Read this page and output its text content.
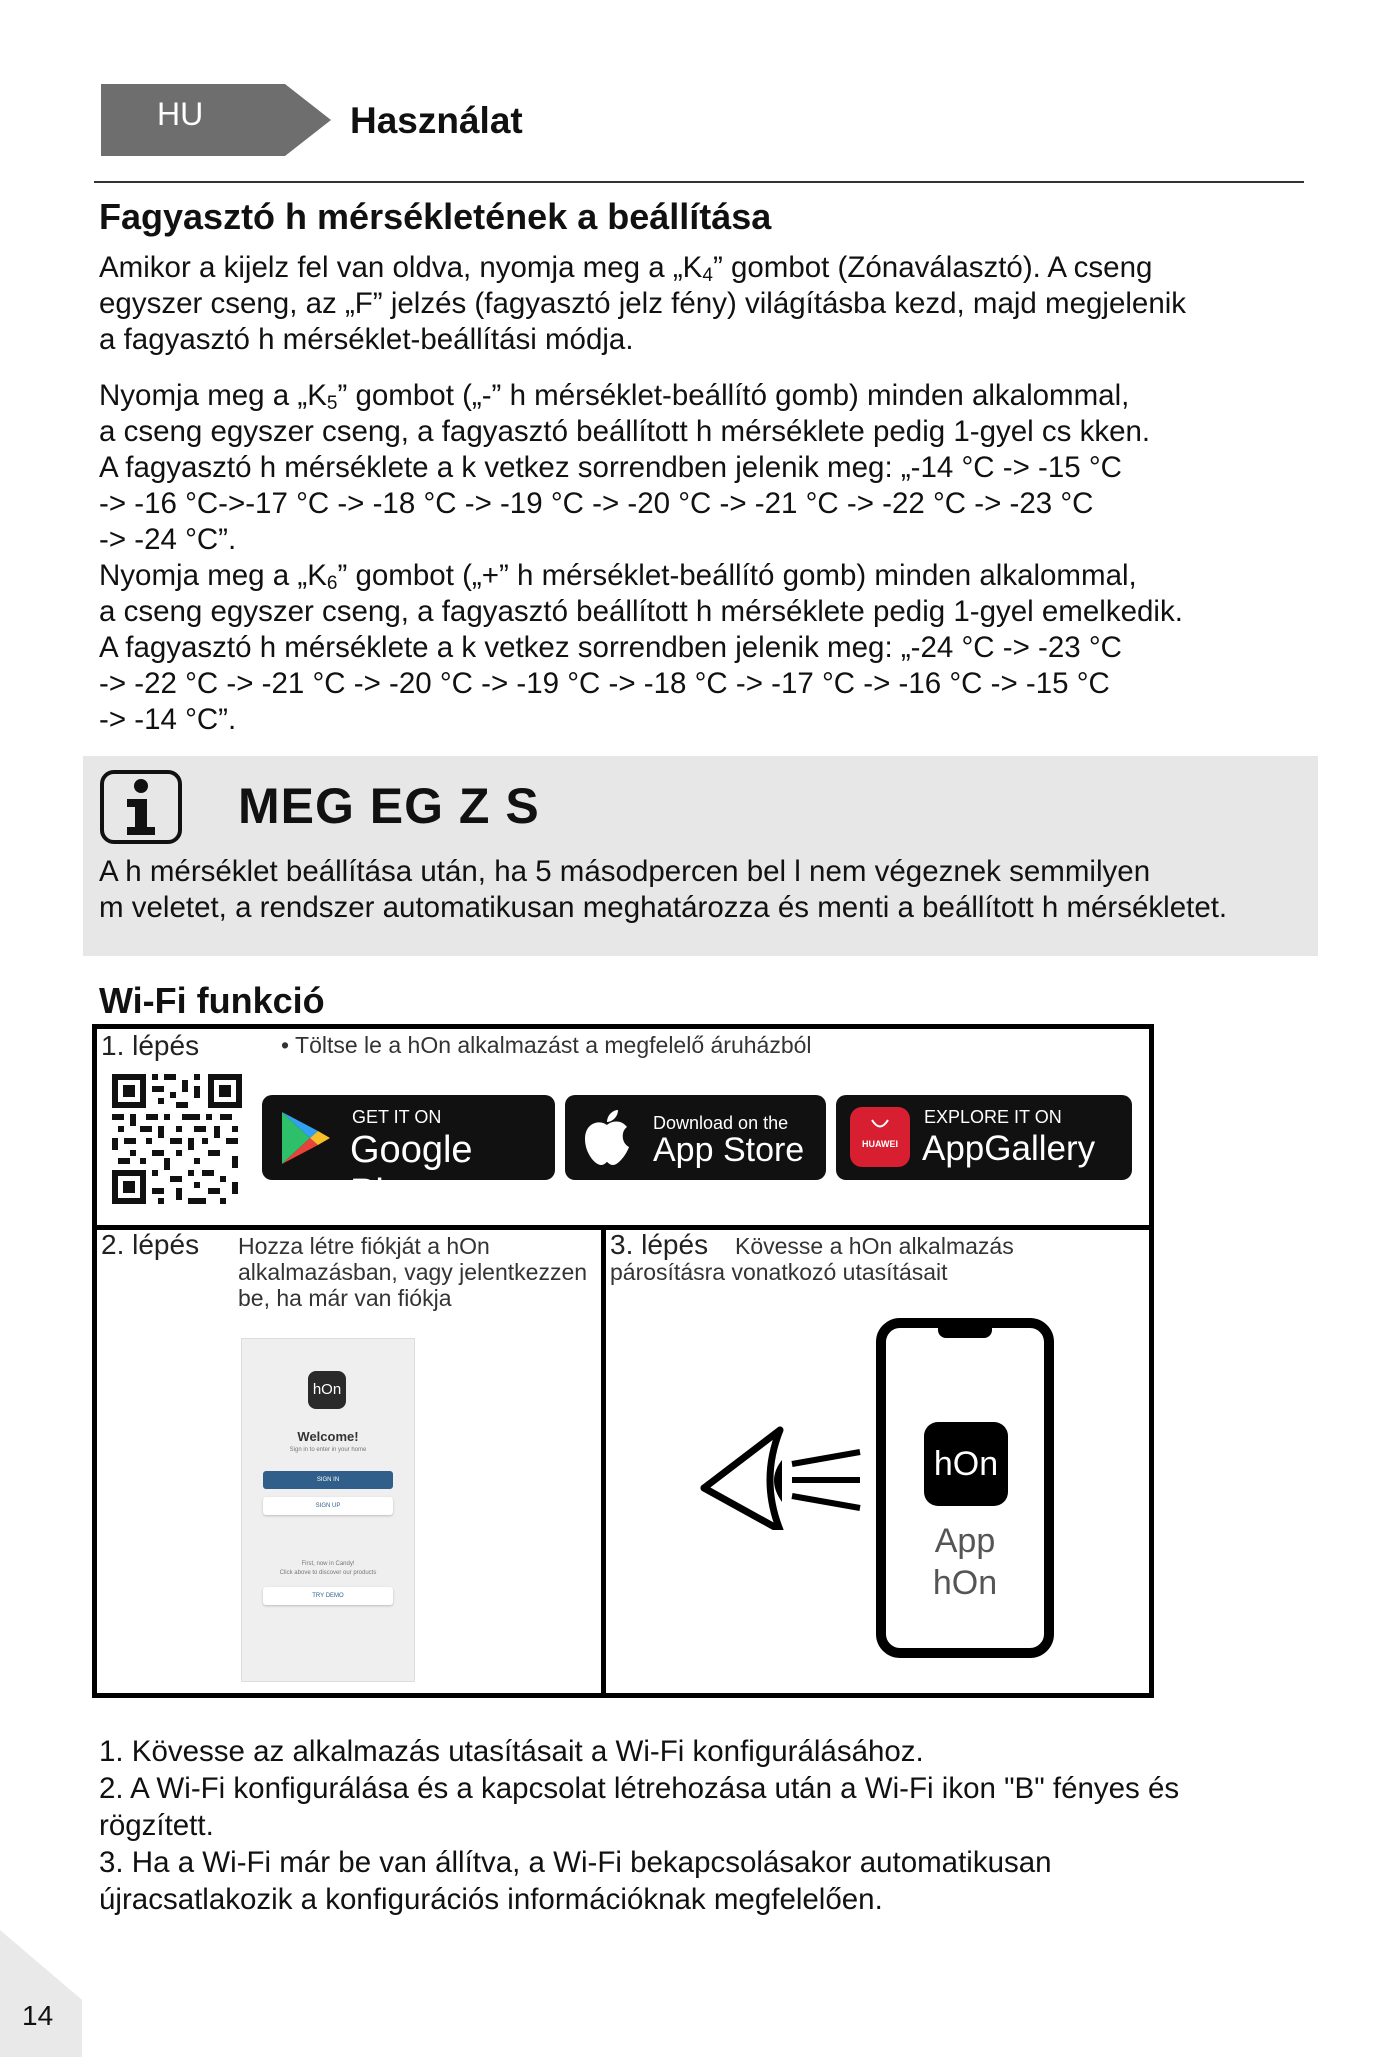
HU	Használat
Fagyasztó h mérsékletének a beállítása
Amikor a kijelz fel van oldva, nyomja meg a $„K_4$” gombot (Zónaválasztó). A cseng
egyszer cseng, az „F” jelzés (fagyasztó jelz fény) világításba kezd, majd megjelenik
a fagyasztó h mérséklet-beállítási módja.
Nyomja meg a $„K_5$” gombot („-” h mérséklet-beállító gomb) minden alkalommal,
a cseng egyszer cseng, a fagyasztó beállított h mérséklete pedig 1-gyel cs kken.
A fagyasztó h mérséklete a k vetkez sorrendben jelenik meg: „-14 °C -> -15 °C
-> -16 °C->-17 °C -> -18 °C -> -19 °C -> -20 °C -> -21 °C -> -22 °C -> -23 °C
-> -24 °C”.
Nyomja meg a $„K_6$” gombot („+” h mérséklet-beállító gomb) minden alkalommal,
a cseng egyszer cseng, a fagyasztó beállított h mérséklete pedig 1-gyel emelkedik.
A fagyasztó h mérséklete a k vetkez sorrendben jelenik meg: „-24 °C -> -23 °C
-> -22 °C -> -21 °C -> -20 °C -> -19 °C -> -18 °C -> -17 °C -> -16 °C -> -15 °C
-> -14 °C”.
MEG EG Z S
A h mérséklet beállítása után, ha 5 másodpercen bel l nem végeznek semmilyen
m veletet, a rendszer automatikusan meghatározza és menti a beállított h mérsékletet.
Wi-Fi funkció
1. lépés	• Töltse le a hOn alkalmazást a megfelelő áruházból
GET IT ON
Google Play
Download on the
App Store	HUAWEI
EXPLORE IT ON
AppGallery
2. lépés Hozza létre fiókját a hOn
alkalmazásban, vagy jelentkezzen
be, ha már van fiókja
hOn
Welcome!
Sign in to enter in your home
SIGN IN
SIGN UP
First, now in Candy!
Click above to discover our products
TRY DEMO
3. lépés	Kövesse a hOn alkalmazás
párosításra vonatkozó utasításait
hOn
App
hOn
1. Kövesse az alkalmazás utasításait a Wi-Fi konfigurálásához.
2. A Wi-Fi konfigurálása és a kapcsolat létrehozása után a Wi-Fi ikon "B" fényes és
rögzített.
3. Ha a Wi-Fi már be van állítva, a Wi-Fi bekapcsolásakor automatikusan
újracsatlakozik a konfigurációs információknak megfelelően.
14
